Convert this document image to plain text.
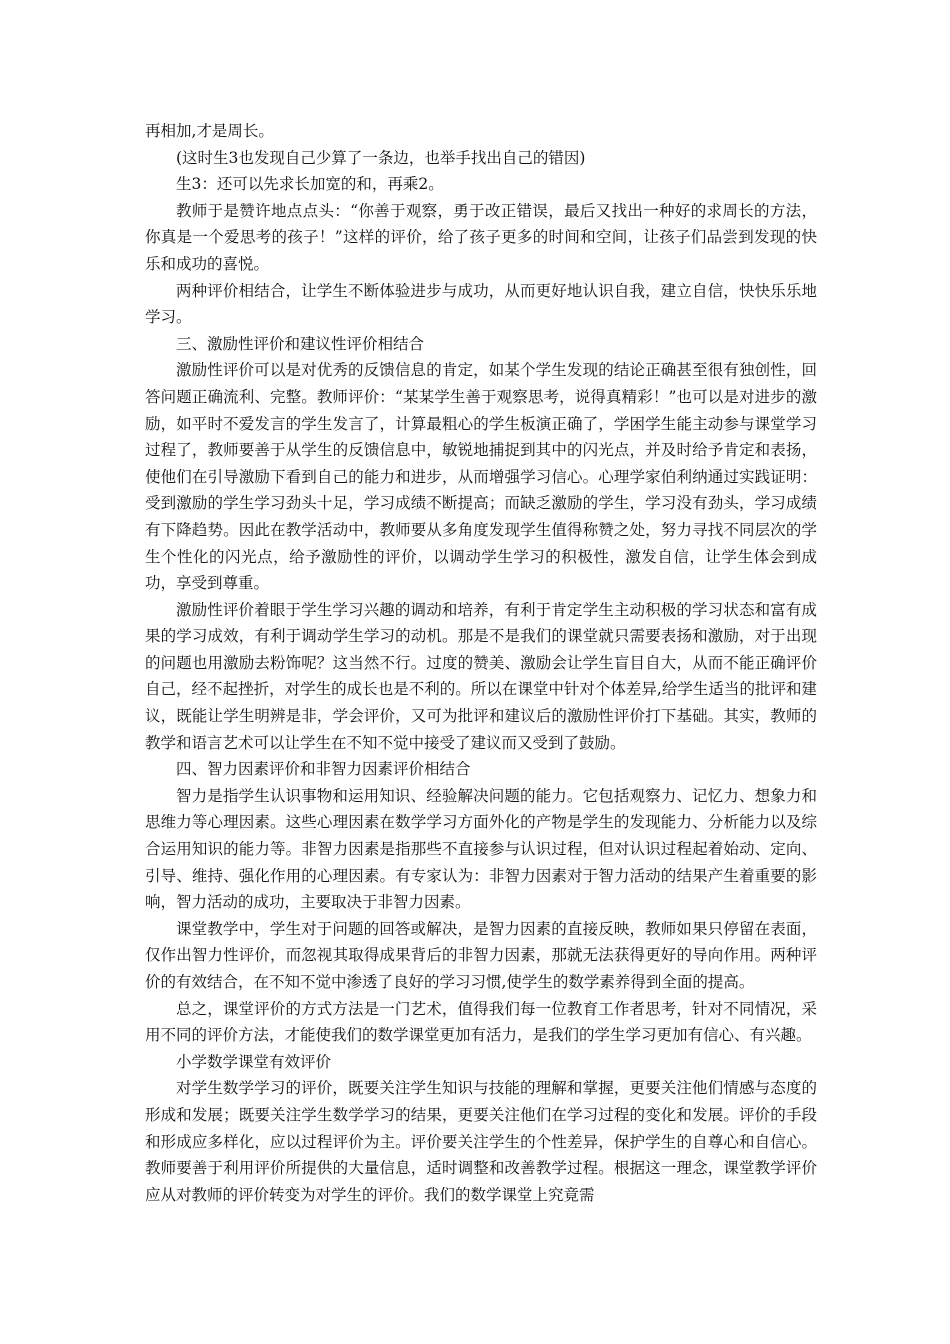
再相加,才是周长。

(这时生3也发现自己少算了一条边，也举手找出自己的错因)

生3：还可以先求长加宽的和，再乘2。

教师于是赞许地点点头：“你善于观察，勇于改正错误，最后又找出一种好的求周长的方法，你真是一个爱思考的孩子！”这样的评价，给了孩子更多的时间和空间，让孩子们品尝到发现的快乐和成功的喜悦。

两种评价相结合，让学生不断体验进步与成功，从而更好地认识自我，建立自信，快快乐乐地学习。

三、激励性评价和建议性评价相结合

激励性评价可以是对优秀的反馈信息的肯定，如某个学生发现的结论正确甚至很有独创性，回答问题正确流利、完整。教师评价：“某某学生善于观察思考，说得真精彩！”也可以是对进步的激励，如平时不爱发言的学生发言了，计算最粗心的学生板演正确了，学困学生能主动参与课堂学习过程了，教师要善于从学生的反馈信息中，敏锐地捕捉到其中的闪光点，并及时给予肯定和表扬，使他们在引导激励下看到自己的能力和进步，从而增强学习信心。心理学家伯利纳通过实践证明：受到激励的学生学习劲头十足，学习成绩不断提高；而缺乏激励的学生，学习没有劲头，学习成绩有下降趋势。因此在教学活动中，教师要从多角度发现学生值得称赞之处，努力寻找不同层次的学生个性化的闪光点，给予激励性的评价，以调动学生学习的积极性，激发自信，让学生体会到成功，享受到尊重。

激励性评价着眼于学生学习兴趣的调动和培养，有利于肯定学生主动积极的学习状态和富有成果的学习成效，有利于调动学生学习的动机。那是不是我们的课堂就只需要表扬和激励，对于出现的问题也用激励去粉饰呢？这当然不行。过度的赞美、激励会让学生盲目自大，从而不能正确评价自己，经不起挫折，对学生的成长也是不利的。所以在课堂中针对个体差异,给学生适当的批评和建议，既能让学生明辨是非，学会评价，又可为批评和建议后的激励性评价打下基础。其实，教师的教学和语言艺术可以让学生在不知不觉中接受了建议而又受到了鼓励。

四、智力因素评价和非智力因素评价相结合

智力是指学生认识事物和运用知识、经验解决问题的能力。它包括观察力、记忆力、想象力和思维力等心理因素。这些心理因素在数学学习方面外化的产物是学生的发现能力、分析能力以及综合运用知识的能力等。非智力因素是指那些不直接参与认识过程，但对认识过程起着始动、定向、引导、维持、强化作用的心理因素。有专家认为：非智力因素对于智力活动的结果产生着重要的影响，智力活动的成功，主要取决于非智力因素。

课堂教学中，学生对于问题的回答或解决，是智力因素的直接反映，教师如果只停留在表面，仅作出智力性评价，而忽视其取得成果背后的非智力因素，那就无法获得更好的导向作用。两种评价的有效结合，在不知不觉中渗透了良好的学习习惯,使学生的数学素养得到全面的提高。

总之，课堂评价的方式方法是一门艺术，值得我们每一位教育工作者思考，针对不同情况，采用不同的评价方法，才能使我们的数学课堂更加有活力，是我们的学生学习更加有信心、有兴趣。

小学数学课堂有效评价

对学生数学学习的评价，既要关注学生知识与技能的理解和掌握，更要关注他们情感与态度的形成和发展；既要关注学生数学学习的结果，更要关注他们在学习过程的变化和发展。评价的手段和形成应多样化，应以过程评价为主。评价要关注学生的个性差异，保护学生的自尊心和自信心。教师要善于利用评价所提供的大量信息，适时调整和改善教学过程。根据这一理念，课堂教学评价应从对教师的评价转变为对学生的评价。我们的数学课堂上究竟需
